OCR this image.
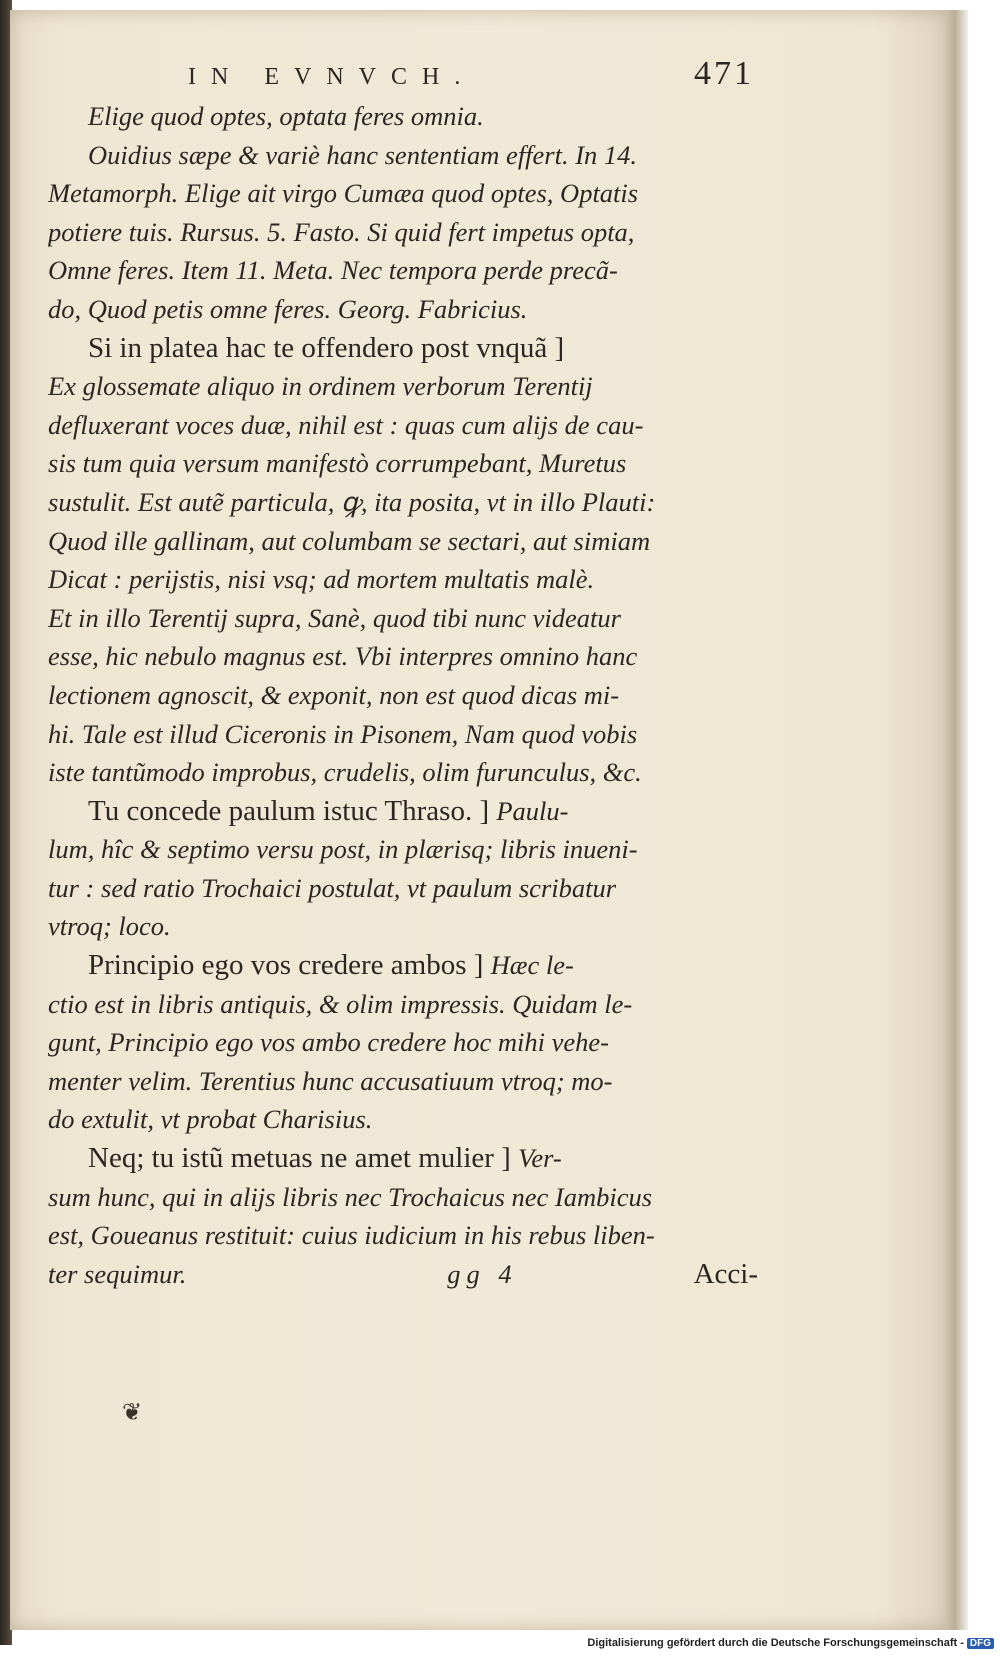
IN EVNVCH.	471
Elige quod optes, optata feres omnia.
Ouidius sæpe & variè hanc sententiam effert. In 14.
Metamorph. Elige ait virgo Cumæa quod optes, Optatis
potiere tuis. Rursus. 5. Fasto. Si quid fert impetus opta,
Omne feres. Item 11. Meta. Nec tempora perde precã-
do, Quod petis omne feres. Georg. Fabricius.
Si in platea hac te offendero post vnquã ]
Ex glossemate aliquo in ordinem verborum Terentij
defluxerant voces duæ, nihil est : quas cum alijs de cau-
sis tum quia versum manifestò corrumpebant, Muretus
sustulit. Est autẽ particula, ꝙ, ita posita, vt in illo Plauti:
Quod ille gallinam, aut columbam se sectari, aut simiam
Dicat : perijstis, nisi vsq; ad mortem multatis malè.
Et in illo Terentij supra, Sanè, quod tibi nunc videatur
esse, hic nebulo magnus est. Vbi interpres omnino hanc
lectionem agnoscit, & exponit, non est quod dicas mi-
hi. Tale est illud Ciceronis in Pisonem, Nam quod vobis
iste tantũmodo improbus, crudelis, olim furunculus, &c.
Tu concede paulum istuc Thraso. ] Paulu-
lum, hîc & septimo versu post, in plærisq; libris inueni-
tur : sed ratio Trochaici postulat, vt paulum scribatur
vtroq; loco.
Principio ego vos credere ambos ] Hæc le-
ctio est in libris antiquis, & olim impressis. Quidam le-
gunt, Principio ego vos ambo credere hoc mihi vehe-
menter velim. Terentius hunc accusatiuum vtroq; mo-
do extulit, vt probat Charisius.
Neq; tu istũ metuas ne amet mulier ] Ver-
sum hunc, qui in alijs libris nec Trochaicus nec Iambicus
est, Goueanus restituit: cuius iudicium in his rebus liben-
ter sequimur.	gg 4	Acci-
❦
Digitalisierung gefördert durch die Deutsche Forschungsgemeinschaft - DFG
